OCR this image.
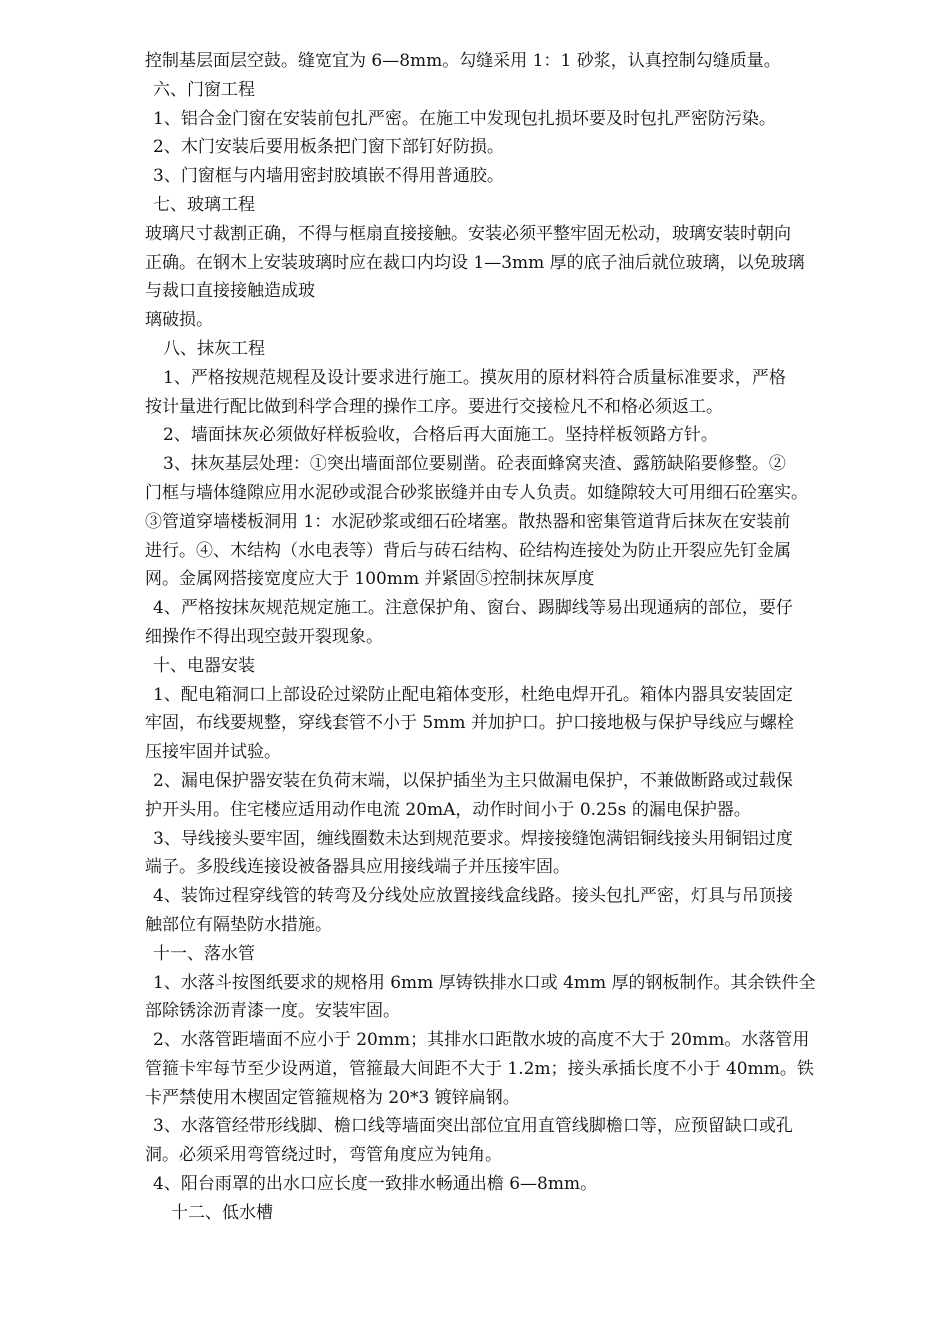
控制基层面层空鼓。缝宽宜为 6—8mm。勾缝采用 1：1 砂浆，认真控制勾缝质量。
六、门窗工程
1、铝合金门窗在安装前包扎严密。在施工中发现包扎损坏要及时包扎严密防污染。
2、木门安装后要用板条把门窗下部钉好防损。
3、门窗框与内墙用密封胶填嵌不得用普通胶。
七、玻璃工程
玻璃尺寸裁割正确，不得与框扇直接接触。安装必须平整牢固无松动，玻璃安装时朝向
正确。在钢木上安装玻璃时应在裁口内均设 1—3mm 厚的底子油后就位玻璃，以免玻璃
与裁口直接接触造成玻
璃破损。
八、抹灰工程
1、严格按规范规程及设计要求进行施工。摸灰用的原材料符合质量标准要求，严格
按计量进行配比做到科学合理的操作工序。要进行交接检凡不和格必须返工。
2、墙面抹灰必须做好样板验收，合格后再大面施工。坚持样板领路方针。
3、抹灰基层处理：①突出墙面部位要剔凿。砼表面蜂窝夹渣、露筋缺陷要修整。②
门框与墙体缝隙应用水泥砂或混合砂浆嵌缝并由专人负责。如缝隙较大可用细石砼塞实。
③管道穿墙楼板洞用 1：水泥砂浆或细石砼堵塞。散热器和密集管道背后抹灰在安装前
进行。④、木结构（水电表等）背后与砖石结构、砼结构连接处为防止开裂应先钉金属
网。金属网搭接宽度应大于 100mm 并紧固⑤控制抹灰厚度
4、严格按抹灰规范规定施工。注意保护角、窗台、踢脚线等易出现通病的部位，要仔
细操作不得出现空鼓开裂现象。
十、电器安装
1、配电箱洞口上部设砼过梁防止配电箱体变形，杜绝电焊开孔。箱体内器具安装固定
牢固，布线要规整，穿线套管不小于 5mm 并加护口。护口接地极与保护导线应与螺栓
压接牢固并试验。
2、漏电保护器安装在负荷末端，以保护插坐为主只做漏电保护，不兼做断路或过载保
护开头用。住宅楼应适用动作电流 20mA，动作时间小于 0.25s 的漏电保护器。
3、导线接头要牢固，缠线圈数未达到规范要求。焊接接缝饱满铝铜线接头用铜铝过度
端子。多股线连接设被备器具应用接线端子并压接牢固。
4、装饰过程穿线管的转弯及分线处应放置接线盒线路。接头包扎严密，灯具与吊顶接
触部位有隔垫防水措施。
十一、落水管
1、水落斗按图纸要求的规格用 6mm 厚铸铁排水口或 4mm 厚的钢板制作。其余铁件全
部除锈涂沥青漆一度。安装牢固。
2、水落管距墙面不应小于 20mm；其排水口距散水坡的高度不大于 20mm。水落管用
管箍卡牢每节至少设两道，管箍最大间距不大于 1.2m；接头承插长度不小于 40mm。铁
卡严禁使用木楔固定管箍规格为 20*3 镀锌扁钢。
3、水落管经带形线脚、檐口线等墙面突出部位宜用直管线脚檐口等，应预留缺口或孔
洞。必须采用弯管绕过时，弯管角度应为钝角。
4、阳台雨罩的出水口应长度一致排水畅通出檐 6—8mm。
十二、低水槽
